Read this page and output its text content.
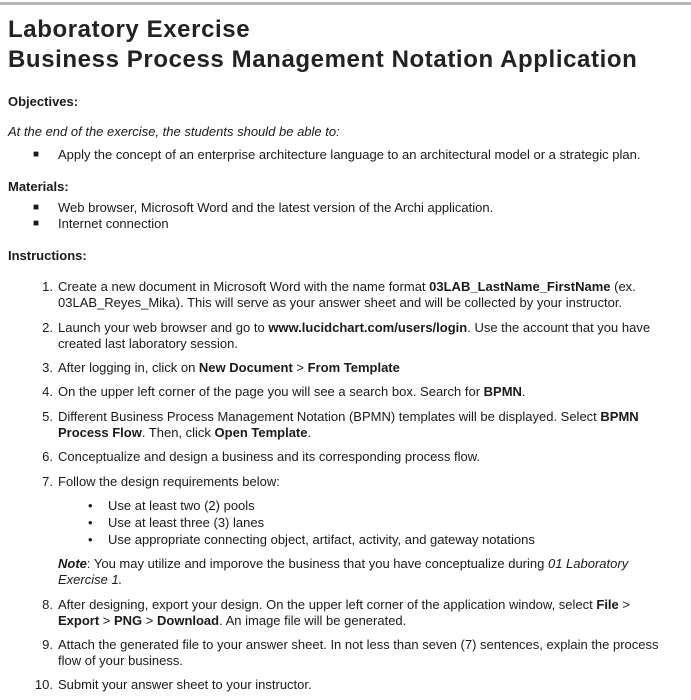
Laboratory Exercise
Business Process Management Notation Application
Objectives:
At the end of the exercise, the students should be able to:
■ Apply the concept of an enterprise architecture language to an architectural model or a strategic plan.
Materials:
■ Web browser, Microsoft Word and the latest version of the Archi application.
■ Internet connection
Instructions:
1. Create a new document in Microsoft Word with the name format 03LAB_LastName_FirstName (ex.
03LAB_Reyes_Mika). This will serve as your answer sheet and will be collected by your instructor.
2. Launch your web browser and go to www.lucidchart.com/users/login. Use the account that you have
created last laboratory session.
3. After logging in, click on New Document > From Template
4. On the upper left corner of the page you will see a search box. Search for BPMN.
5. Different Business Process Management Notation (BPMN) templates will be displayed. Select BPMN
Process Flow. Then, click Open Template.
6. Conceptualize and design a business and its corresponding process flow.
7. Follow the design requirements below:
• Use at least two (2) pools
• Use at least three (3) lanes
• Use appropriate connecting object, artifact, activity, and gateway notations
Note: You may utilize and imporove the business that you have conceptualize during 01 Laboratory
Exercise 1.
8. After designing, export your design. On the upper left corner of the application window, select File >
Export > PNG > Download. An image file will be generated.
9. Attach the generated file to your answer sheet. In not less than seven (7) sentences, explain the process
flow of your business.
10. Submit your answer sheet to your instructor.
